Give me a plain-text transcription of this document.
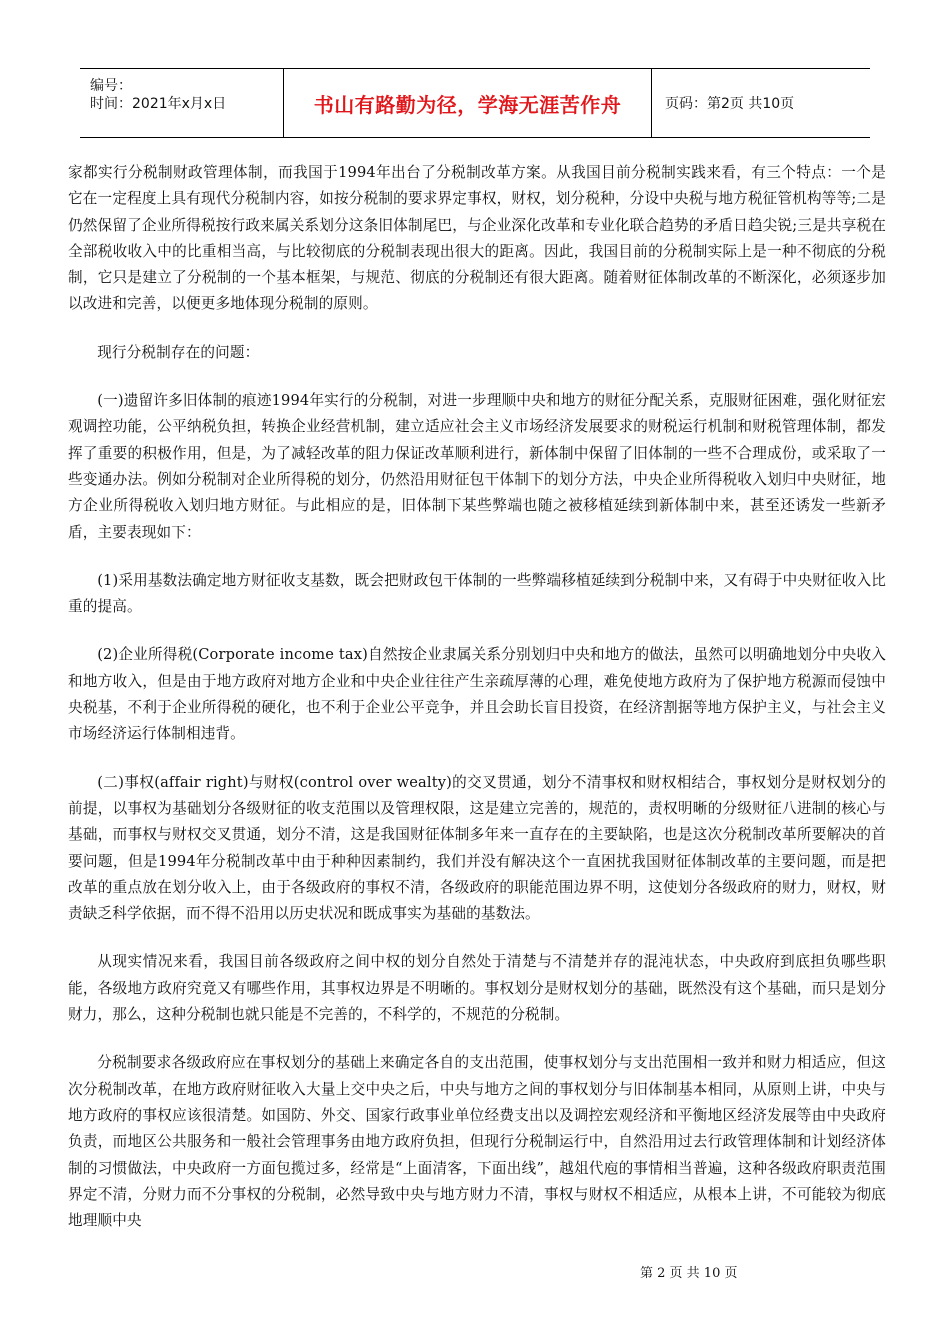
编号：
时间：2021年x月x日	书山有路勤为径，学海无涯苦作舟	页码：第2页 共10页

家都实行分税制财政管理体制，而我国于1994年出台了分税制改革方案。从我国目前分税制实践来看，有三个特点：一个是它在一定程度上具有现代分税制内容，如按分税制的要求界定事权，财权，划分税种，分设中央税与地方税征管机构等等;二是仍然保留了企业所得税按行政来属关系划分这条旧体制尾巴，与企业深化改革和专业化联合趋势的矛盾日趋尖锐;三是共享税在全部税收收入中的比重相当高，与比较彻底的分税制表现出很大的距离。因此，我国目前的分税制实际上是一种不彻底的分税制，它只是建立了分税制的一个基本框架，与规范、彻底的分税制还有很大距离。随着财征体制改革的不断深化，必须逐步加以改进和完善，以便更多地体现分税制的原则。

现行分税制存在的问题：

(一)遗留许多旧体制的痕迹1994年实行的分税制，对进一步理顺中央和地方的财征分配关系，克服财征困难，强化财征宏观调控功能，公平纳税负担，转换企业经营机制，建立适应社会主义市场经济发展要求的财税运行机制和财税管理体制，都发挥了重要的积极作用，但是，为了减轻改革的阻力保证改革顺利进行，新体制中保留了旧体制的一些不合理成份，或采取了一些变通办法。例如分税制对企业所得税的划分，仍然沿用财征包干体制下的划分方法，中央企业所得税收入划归中央财征，地方企业所得税收入划归地方财征。与此相应的是，旧体制下某些弊端也随之被移植延续到新体制中来，甚至还诱发一些新矛盾，主要表现如下：

(1)采用基数法确定地方财征收支基数，既会把财政包干体制的一些弊端移植延续到分税制中来，又有碍于中央财征收入比重的提高。

(2)企业所得税(Corporate income tax)自然按企业隶属关系分别划归中央和地方的做法，虽然可以明确地划分中央收入和地方收入，但是由于地方政府对地方企业和中央企业往往产生亲疏厚薄的心理，难免使地方政府为了保护地方税源而侵蚀中央税基，不利于企业所得税的硬化，也不利于企业公平竞争，并且会助长盲目投资，在经济割据等地方保护主义，与社会主义市场经济运行体制相违背。

(二)事权(affair right)与财权(control over wealty)的交叉贯通，划分不清事权和财权相结合，事权划分是财权划分的前提，以事权为基础划分各级财征的收支范围以及管理权限，这是建立完善的，规范的，责权明晰的分级财征八进制的核心与基础，而事权与财权交叉贯通，划分不清，这是我国财征体制多年来一直存在的主要缺陷，也是这次分税制改革所要解决的首要问题，但是1994年分税制改革中由于种种因素制约，我们并没有解决这个一直困扰我国财征体制改革的主要问题，而是把改革的重点放在划分收入上，由于各级政府的事权不清，各级政府的职能范围边界不明，这使划分各级政府的财力，财权，财责缺乏科学依据，而不得不沿用以历史状况和既成事实为基础的基数法。

从现实情况来看，我国目前各级政府之间中权的划分自然处于清楚与不清楚并存的混沌状态，中央政府到底担负哪些职能，各级地方政府究竟又有哪些作用，其事权边界是不明晰的。事权划分是财权划分的基础，既然没有这个基础，而只是划分财力，那么，这种分税制也就只能是不完善的，不科学的，不规范的分税制。

分税制要求各级政府应在事权划分的基础上来确定各自的支出范围，使事权划分与支出范围相一致并和财力相适应，但这次分税制改革，在地方政府财征收入大量上交中央之后，中央与地方之间的事权划分与旧体制基本相同，从原则上讲，中央与地方政府的事权应该很清楚。如国防、外交、国家行政事业单位经费支出以及调控宏观经济和平衡地区经济发展等由中央政府负责，而地区公共服务和一般社会管理事务由地方政府负担，但现行分税制运行中，自然沿用过去行政管理体制和计划经济体制的习惯做法，中央政府一方面包揽过多，经常是“上面清客，下面出线”，越俎代庖的事情相当普遍，这种各级政府职责范围界定不清，分财力而不分事权的分税制，必然导致中央与地方财力不清，事权与财权不相适应，从根本上讲，不可能较为彻底地理顺中央

第 2 页 共 10 页
